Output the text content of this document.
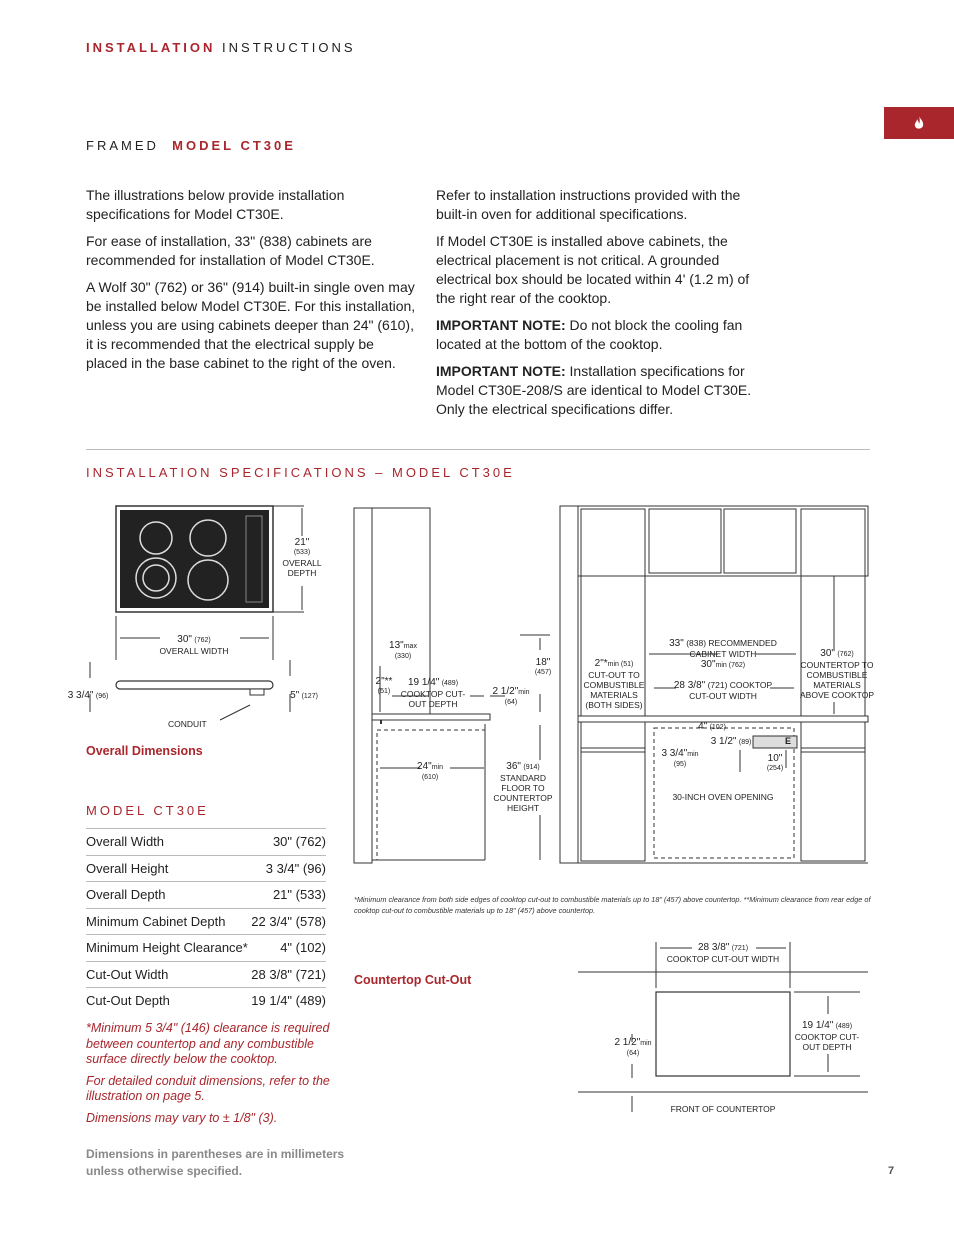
INSTALLATION INSTRUCTIONS
FRAMED MODEL CT30E

The illustrations below provide installation specifications for Model CT30E.

For ease of installation, 33" (838) cabinets are recommended for installation of Model CT30E.

A Wolf 30" (762) or 36" (914) built-in single oven may be installed below Model CT30E. For this installation, unless you are using cabinets deeper than 24" (610), it is recommended that the electrical supply be placed in the base cabinet to the right of the oven.

Refer to installation instructions provided with the built-in oven for additional specifications.

If Model CT30E is installed above cabinets, the electrical placement is not critical. A grounded electrical box should be located within 4' (1.2 m) of the right rear of the cooktop.

IMPORTANT NOTE: Do not block the cooling fan located at the bottom of the cooktop.

IMPORTANT NOTE: Installation specifications for Model CT30E-208/S are identical to Model CT30E. Only the electrical specifications differ.

INSTALLATION SPECIFICATIONS – MODEL CT30E
21"
(533)
OVERALL DEPTH
30" (762)
OVERALL WIDTH
3 3/4" (96)	5" (127)
CONDUIT
Overall Dimensions
13"max
(330)
2"**
(51)
19 1/4" (489)
COOKTOP CUT-OUT DEPTH
2 1/2"min
(64)
18"
(457)
24"min
(610)
36" (914)
STANDARD FLOOR TO COUNTERTOP HEIGHT
2"*min (51)
CUT-OUT TO COMBUSTIBLE MATERIALS (BOTH SIDES)
33" (838) RECOMMENDED
CABINET WIDTH
30"min (762)
28 3/8" (721) COOKTOP
CUT-OUT WIDTH
30" (762)
COUNTERTOP TO COMBUSTIBLE MATERIALS ABOVE COOKTOP
4" (102)
3 3/4"min
(95)
3 1/2" (89)	E
10"
(254)
30-INCH OVEN OPENING
*Minimum clearance from both side edges of cooktop cut-out to combustible materials up to 18" (457) above countertop. **Minimum clearance from rear edge of cooktop cut-out to combustible materials up to 18" (457) above countertop.
Countertop Cut-Out
28 3/8" (721)
COOKTOP CUT-OUT WIDTH
19 1/4" (489)
COOKTOP CUT-OUT DEPTH
2 1/2"min
(64)
FRONT OF COUNTERTOP
MODEL CT30E
Overall Width	30" (762)
Overall Height	3 3/4" (96)
Overall Depth	21" (533)
Minimum Cabinet Depth	22 3/4" (578)
Minimum Height Clearance*	4" (102)
Cut-Out Width	28 3/8" (721)
Cut-Out Depth	19 1/4" (489)

*Minimum 5 3/4" (146) clearance is required between countertop and any combustible surface directly below the cooktop.

For detailed conduit dimensions, refer to the illustration on page 5.

Dimensions may vary to ± 1/8" (3).

Dimensions in parentheses are in millimeters unless otherwise specified.	7
